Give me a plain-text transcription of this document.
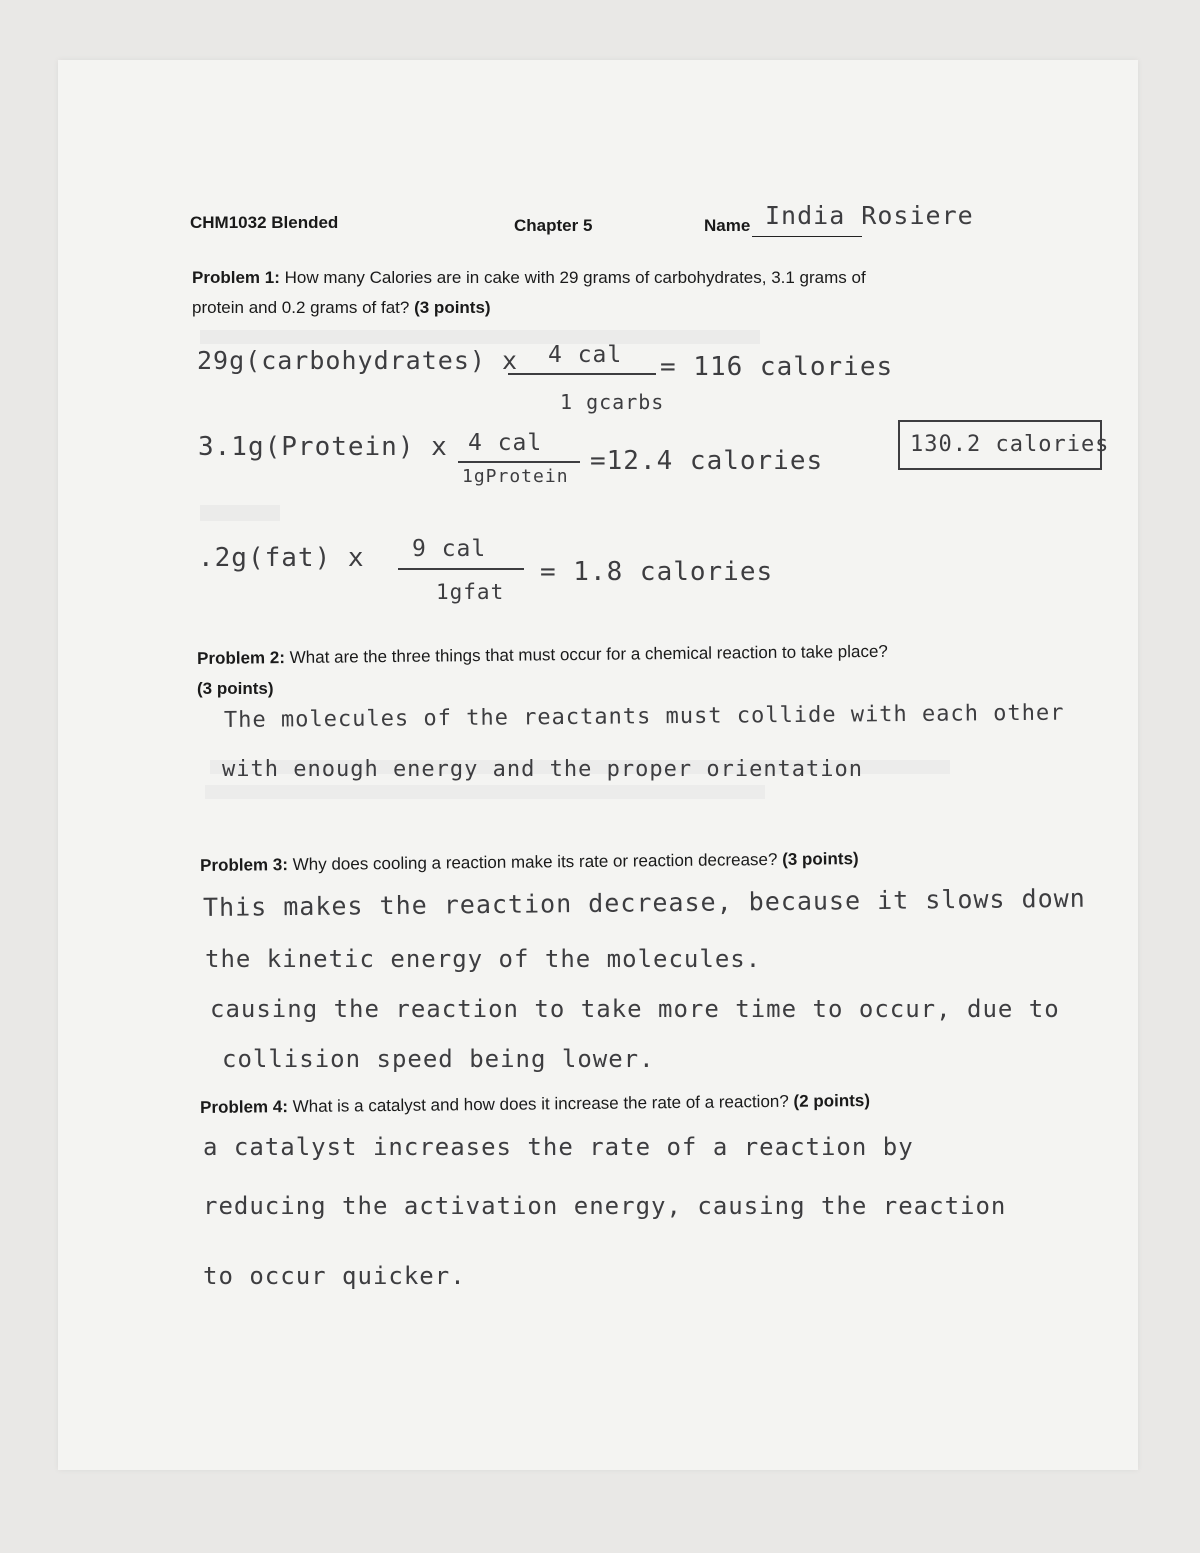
CHM1032 Blended	Chapter 5	Name India Rosiere
Problem 1: How many Calories are in cake with 29 grams of carbohydrates, 3.1 grams of
protein and 0.2 grams of fat? (3 points)
29g(carbohydrates) x 4 cal
1 gcarbs
= 116 calories
3.1g(Protein) x 4 cal
1gProtein
=12.4 calories
130.2 calories
.2g(fat) x 9 cal
1gfat
= 1.8 calories
Problem 2: What are the three things that must occur for a chemical reaction to take place?
(3 points)
The molecules of the reactants must collide with each other
with enough energy and the proper orientation
Problem 3: Why does cooling a reaction make its rate or reaction decrease? (3 points)
This makes the reaction decrease, because it slows down
the kinetic energy of the molecules.
causing the reaction to take more time to occur, due to
collision speed being lower.
Problem 4: What is a catalyst and how does it increase the rate of a reaction? (2 points)
a catalyst increases the rate of a reaction by
reducing the activation energy, causing the reaction
to occur quicker.
